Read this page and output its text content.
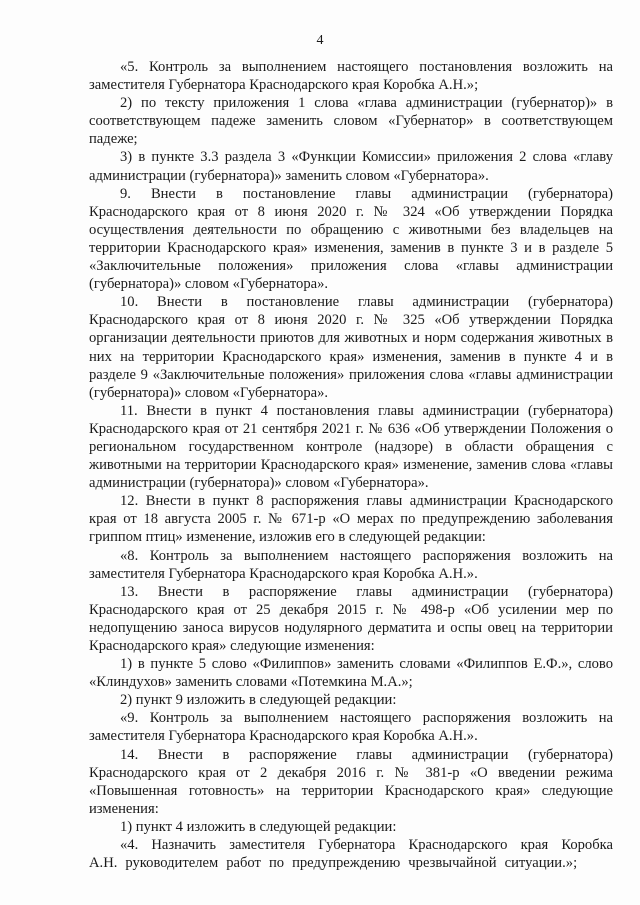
4

«5. Контроль за выполнением настоящего постановления возложить на заместителя Губернатора Краснодарского края Коробка А.Н.»;

2) по тексту приложения 1 слова «глава администрации (губернатор)» в соответствующем падеже заменить словом «Губернатор» в соответствующем падеже;

3) в пункте 3.3 раздела 3 «Функции Комиссии» приложения 2 слова «главу администрации (губернатора)» заменить словом «Губернатора».

9. Внести в постановление главы администрации (губернатора) Краснодарского края от 8 июня 2020 г. № 324 «Об утверждении Порядка осуществления деятельности по обращению с животными без владельцев на территории Краснодарского края» изменения, заменив в пункте 3 и в разделе 5 «Заключительные положения» приложения слова «главы администрации (губернатора)» словом «Губернатора».

10. Внести в постановление главы администрации (губернатора) Краснодарского края от 8 июня 2020 г. № 325 «Об утверждении Порядка организации деятельности приютов для животных и норм содержания животных в них на территории Краснодарского края» изменения, заменив в пункте 4 и в разделе 9 «Заключительные положения» приложения слова «главы администрации (губернатора)» словом «Губернатора».

11. Внести в пункт 4 постановления главы администрации (губернатора) Краснодарского края от 21 сентября 2021 г. № 636 «Об утверждении Положения о региональном государственном контроле (надзоре) в области обращения с животными на территории Краснодарского края» изменение, заменив слова «главы администрации (губернатора)» словом «Губернатора».

12. Внести в пункт 8 распоряжения главы администрации Краснодарского края от 18 августа 2005 г. № 671-р «О мерах по предупреждению заболевания гриппом птиц» изменение, изложив его в следующей редакции:

«8. Контроль за выполнением настоящего распоряжения возложить на заместителя Губернатора Краснодарского края Коробка А.Н.».

13. Внести в распоряжение главы администрации (губернатора) Краснодарского края от 25 декабря 2015 г. № 498-р «Об усилении мер по недопущению заноса вирусов нодулярного дерматита и оспы овец на территории Краснодарского края» следующие изменения:

1) в пункте 5 слово «Филиппов» заменить словами «Филиппов Е.Ф.», слово «Клиндухов» заменить словами «Потемкина М.А.»;

2) пункт 9 изложить в следующей редакции:

«9. Контроль за выполнением настоящего распоряжения возложить на заместителя Губернатора Краснодарского края Коробка А.Н.».

14. Внести в распоряжение главы администрации (губернатора) Краснодарского края от 2 декабря 2016 г. № 381-р «О введении режима «Повышенная готовность» на территории Краснодарского края» следующие изменения:

1) пункт 4 изложить в следующей редакции:

«4. Назначить заместителя Губернатора Краснодарского края Коробка А.Н. руководителем работ по предупреждению чрезвычайной ситуации.»;
